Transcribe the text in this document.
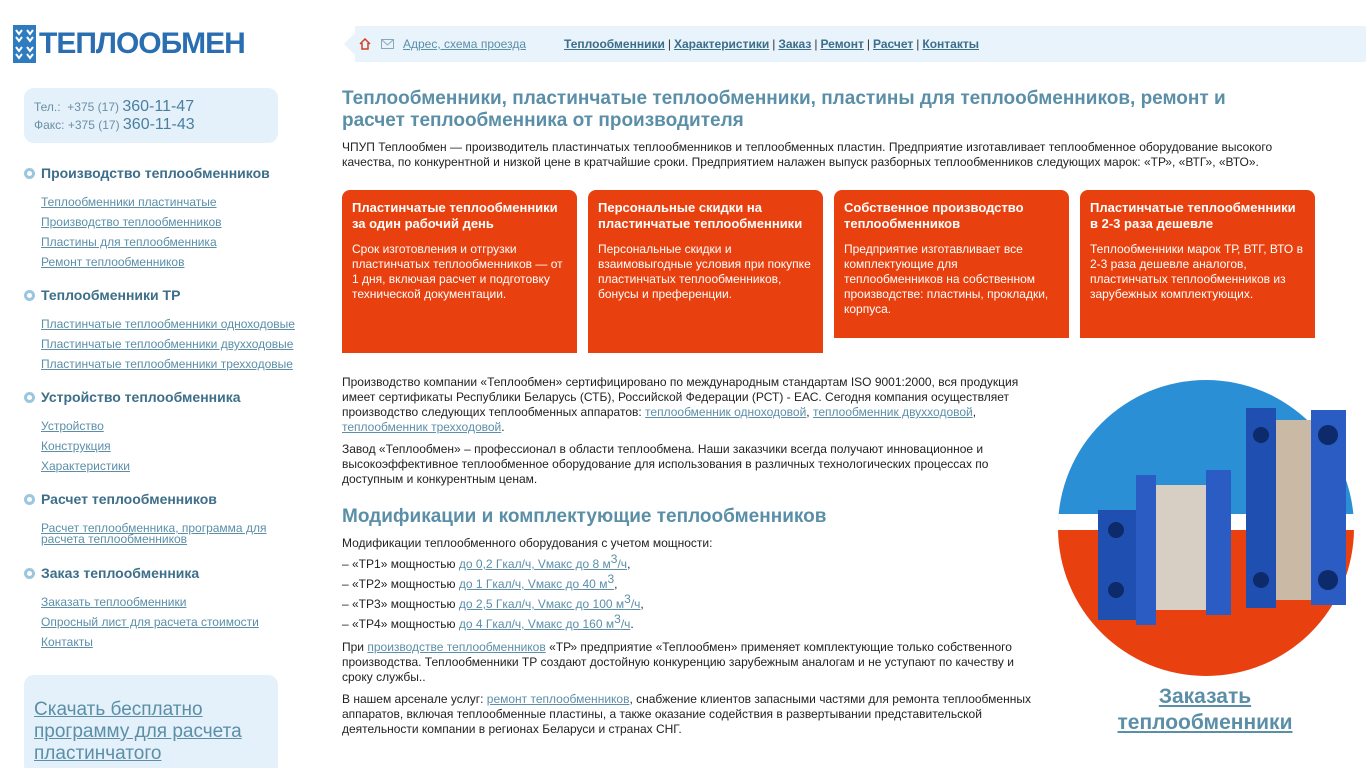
ТЕПЛООБМЕН	Адрес, схема проезда	Теплообменники | Характеристики | Заказ | Ремонт | Расчет | Контакты
Тел.: +375 (17) 360-11-47
Факс: +375 (17) 360-11-43
Производство теплообменников
Теплообменники пластинчатые
Производство теплообменников
Пластины для теплообменника
Ремонт теплообменников
Теплообменники ТР
Пластинчатые теплообменники одноходовые
Пластинчатые теплообменники двухходовые
Пластинчатые теплообменники трехходовые
Устройство теплообменника
Устройство
Конструкция
Характеристики
Расчет теплообменников
Расчет теплообменника, программа для расчета теплообменников
Заказ теплообменника
Заказать теплообменники
Опросный лист для расчета стоимости
Контакты
Скачать бесплатно программу для расчета пластинчатого
Теплообменники, пластинчатые теплообменники, пластины для теплообменников, ремонт и расчет теплообменника от производителя

ЧПУП Теплообмен — производитель пластинчатых теплообменников и теплообменных пластин. Предприятие изготавливает теплообменное оборудование высокого качества, по конкурентной и низкой цене в кратчайшие сроки. Предприятием налажен выпуск разборных теплообменников следующих марок: «ТР», «ВТГ», «ВТО».

Пластинчатые теплообменники за один рабочий день

Срок изготовления и отгрузки пластинчатых теплообменников — от 1 дня, включая расчет и подготовку технической документации.

Персональные скидки на пластинчатые теплообменники

Персональные скидки и взаимовыгодные условия при покупке пластинчатых теплообменников, бонусы и преференции.

Собственное производство теплообменников

Предприятие изготавливает все комплектующие для теплообменников на собственном производстве: пластины, прокладки, корпуса.

Пластинчатые теплообменники в 2-3 раза дешевле

Теплообменники марок ТР, ВТГ, ВТО в 2-3 раза дешевле аналогов, пластинчатых теплообменников из зарубежных комплектующих.

Производство компании «Теплообмен» сертифицировано по международным стандартам ISO 9001:2000, вся продукция имеет сертификаты Республики Беларусь (СТБ), Российской Федерации (РСТ) - ЕАС. Сегодня компания осуществляет производство следующих теплообменных аппаратов: теплообменник одноходовой, теплообменник двухходовой, теплообменник трехходовой.

Завод «Теплообмен» – профессионал в области теплообмена. Наши заказчики всегда получают инновационное и высокоэффективное теплообменное оборудование для использования в различных технологических процессах по доступным и конкурентным ценам.

Модификации и комплектующие теплообменников
Модификации теплообменного оборудования с учетом мощности:
– «ТР1» мощностью до 0,2 Гкал/ч, Vмакс до 8 м$^3$/ч,
– «ТР2» мощностью до 1 Гкал/ч, Vмакс до 40 м$^3$,
– «ТР3» мощностью до 2,5 Гкал/ч, Vмакс до 100 м$^3$/ч,
– «ТР4» мощностью до 4 Гкал/ч, Vмакс до 160 м$^3$/ч.

При производстве теплообменников «ТР» предприятие «Теплообмен» применяет комплектующие только собственного производства. Теплообменники ТР создают достойную конкуренцию зарубежным аналогам и не уступают по качеству и сроку службы..

В нашем арсенале услуг: ремонт теплообменников, снабжение клиентов запасными частями для ремонта теплообменных аппаратов, включая теплообменные пластины, а также оказание содействия в развертывании представительской деятельности компании в регионах Беларуси и странах СНГ.

Заказать теплообменники
